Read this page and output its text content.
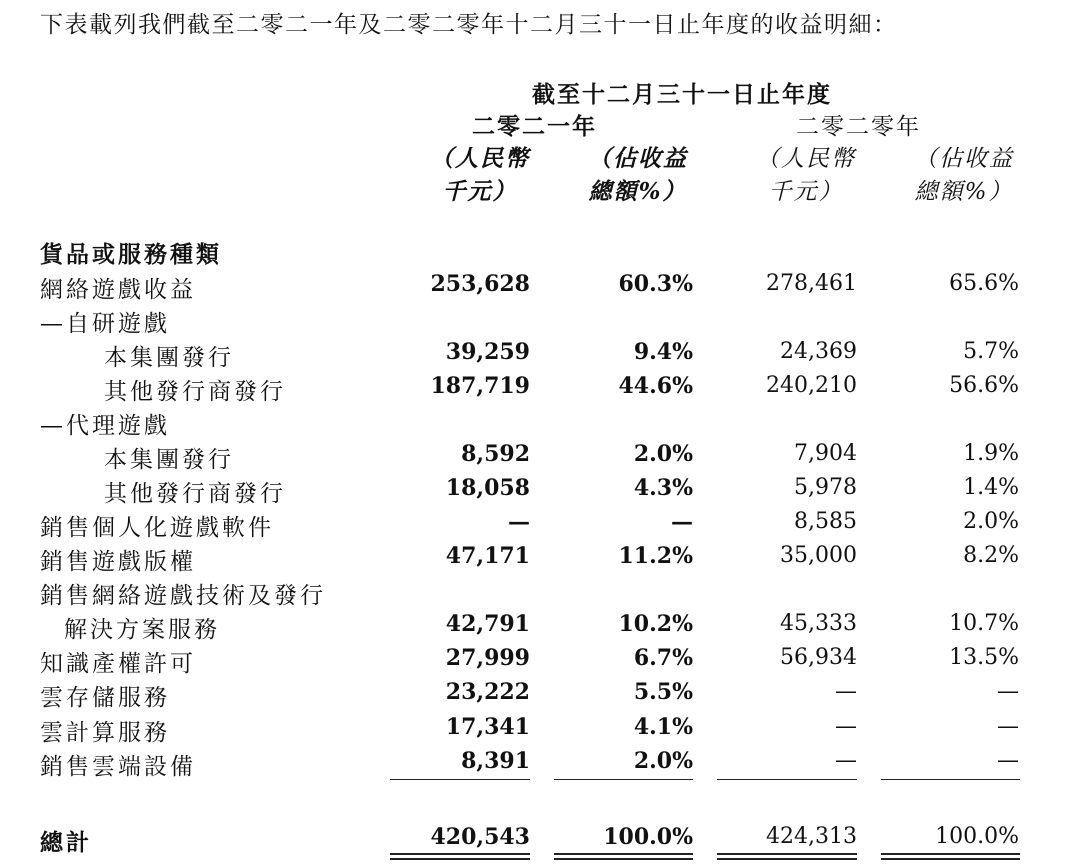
下表載列我們截至二零二一年及二零二零年十二月三十一日止年度的收益明細：
截至十二月三十一日止年度
二零二一年	二零二零年
（人民幣
千元）
（佔收益
總額%）
（人民幣
千元）
（佔收益
總額%）
貨品或服務種類
網絡遊戲收益	253,628	60.3%	278,461	65.6%
—自研遊戲
本集團發行	39,259	9.4%	24,369	5.7%
其他發行商發行	187,719	44.6%	240,210	56.6%
—代理遊戲
本集團發行	8,592	2.0%	7,904	1.9%
其他發行商發行	18,058	4.3%	5,978	1.4%
銷售個人化遊戲軟件	—	—	8,585	2.0%
銷售遊戲版權	47,171	11.2%	35,000	8.2%
銷售網絡遊戲技術及發行
解決方案服務	42,791	10.2%	45,333	10.7%
知識產權許可	27,999	6.7%	56,934	13.5%
雲存儲服務	23,222	5.5%	—	—
雲計算服務	17,341	4.1%	—	—
銷售雲端設備	8,391	2.0%	—	—
總計	420,543	100.0%	424,313	100.0%
